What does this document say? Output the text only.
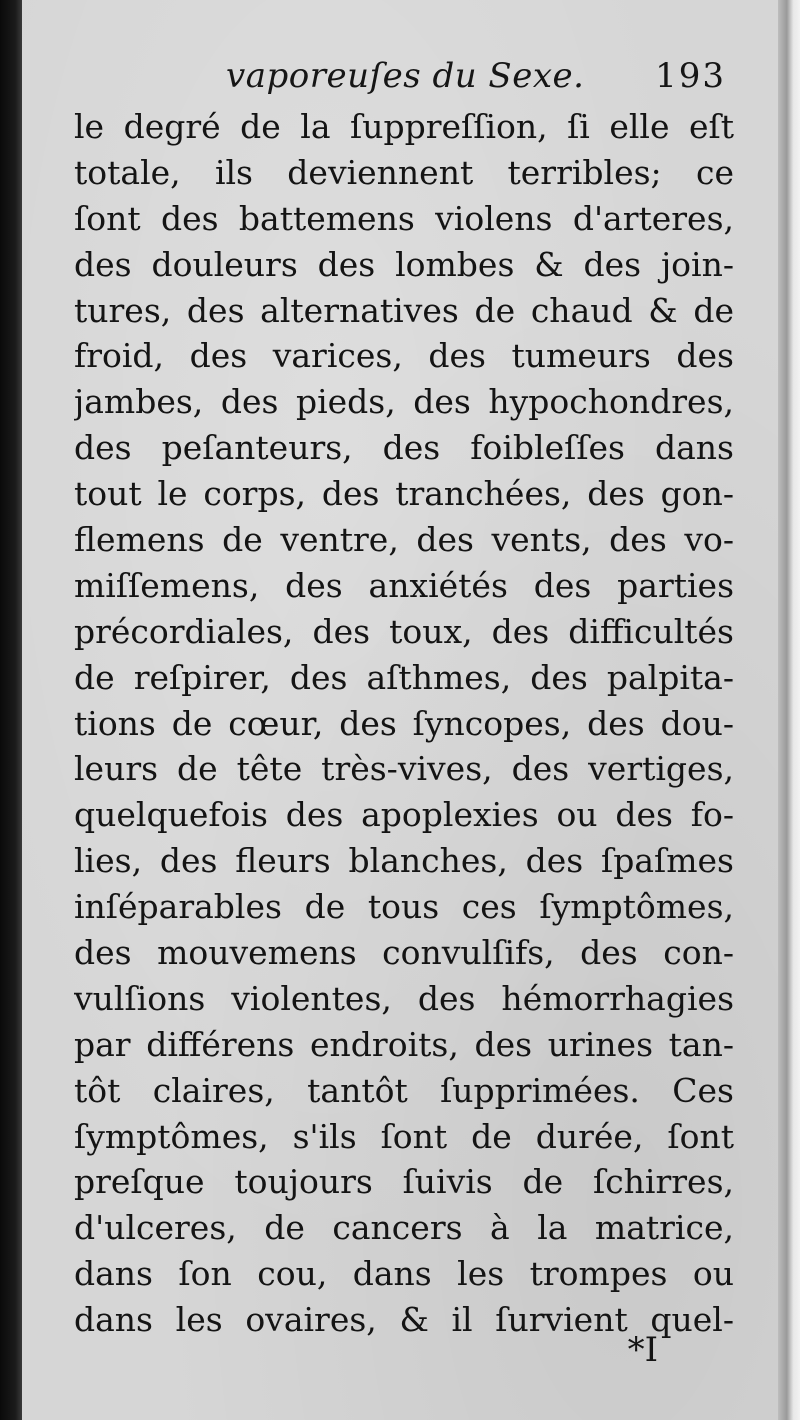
vaporeuſes du Sexe. 193
le degré de la ſuppreſſion, ſi elle eſt
totale, ils deviennent terribles; ce
ſont des battemens violens d'arteres,
des douleurs des lombes & des join-
tures, des alternatives de chaud & de
froid, des varices, des tumeurs des
jambes, des pieds, des hypochondres,
des peſanteurs, des foibleſſes dans
tout le corps, des tranchées, des gon-
flemens de ventre, des vents, des vo-
miſſemens, des anxiétés des parties
précordiales, des toux, des difficultés
de reſpirer, des aſthmes, des palpita-
tions de cœur, des ſyncopes, des dou-
leurs de tête très-vives, des vertiges,
quelquefois des apoplexies ou des fo-
lies, des fleurs blanches, des ſpaſmes
inſéparables de tous ces ſymptômes,
des mouvemens convulſifs, des con-
vulſions violentes, des hémorrhagies
par différens endroits, des urines tan-
tôt claires, tantôt ſupprimées. Ces
ſymptômes, s'ils ſont de durée, ſont
preſque toujours ſuivis de ſchirres,
d'ulceres, de cancers à la matrice,
dans ſon cou, dans les trompes ou
dans les ovaires, & il ſurvient quel-
*I
